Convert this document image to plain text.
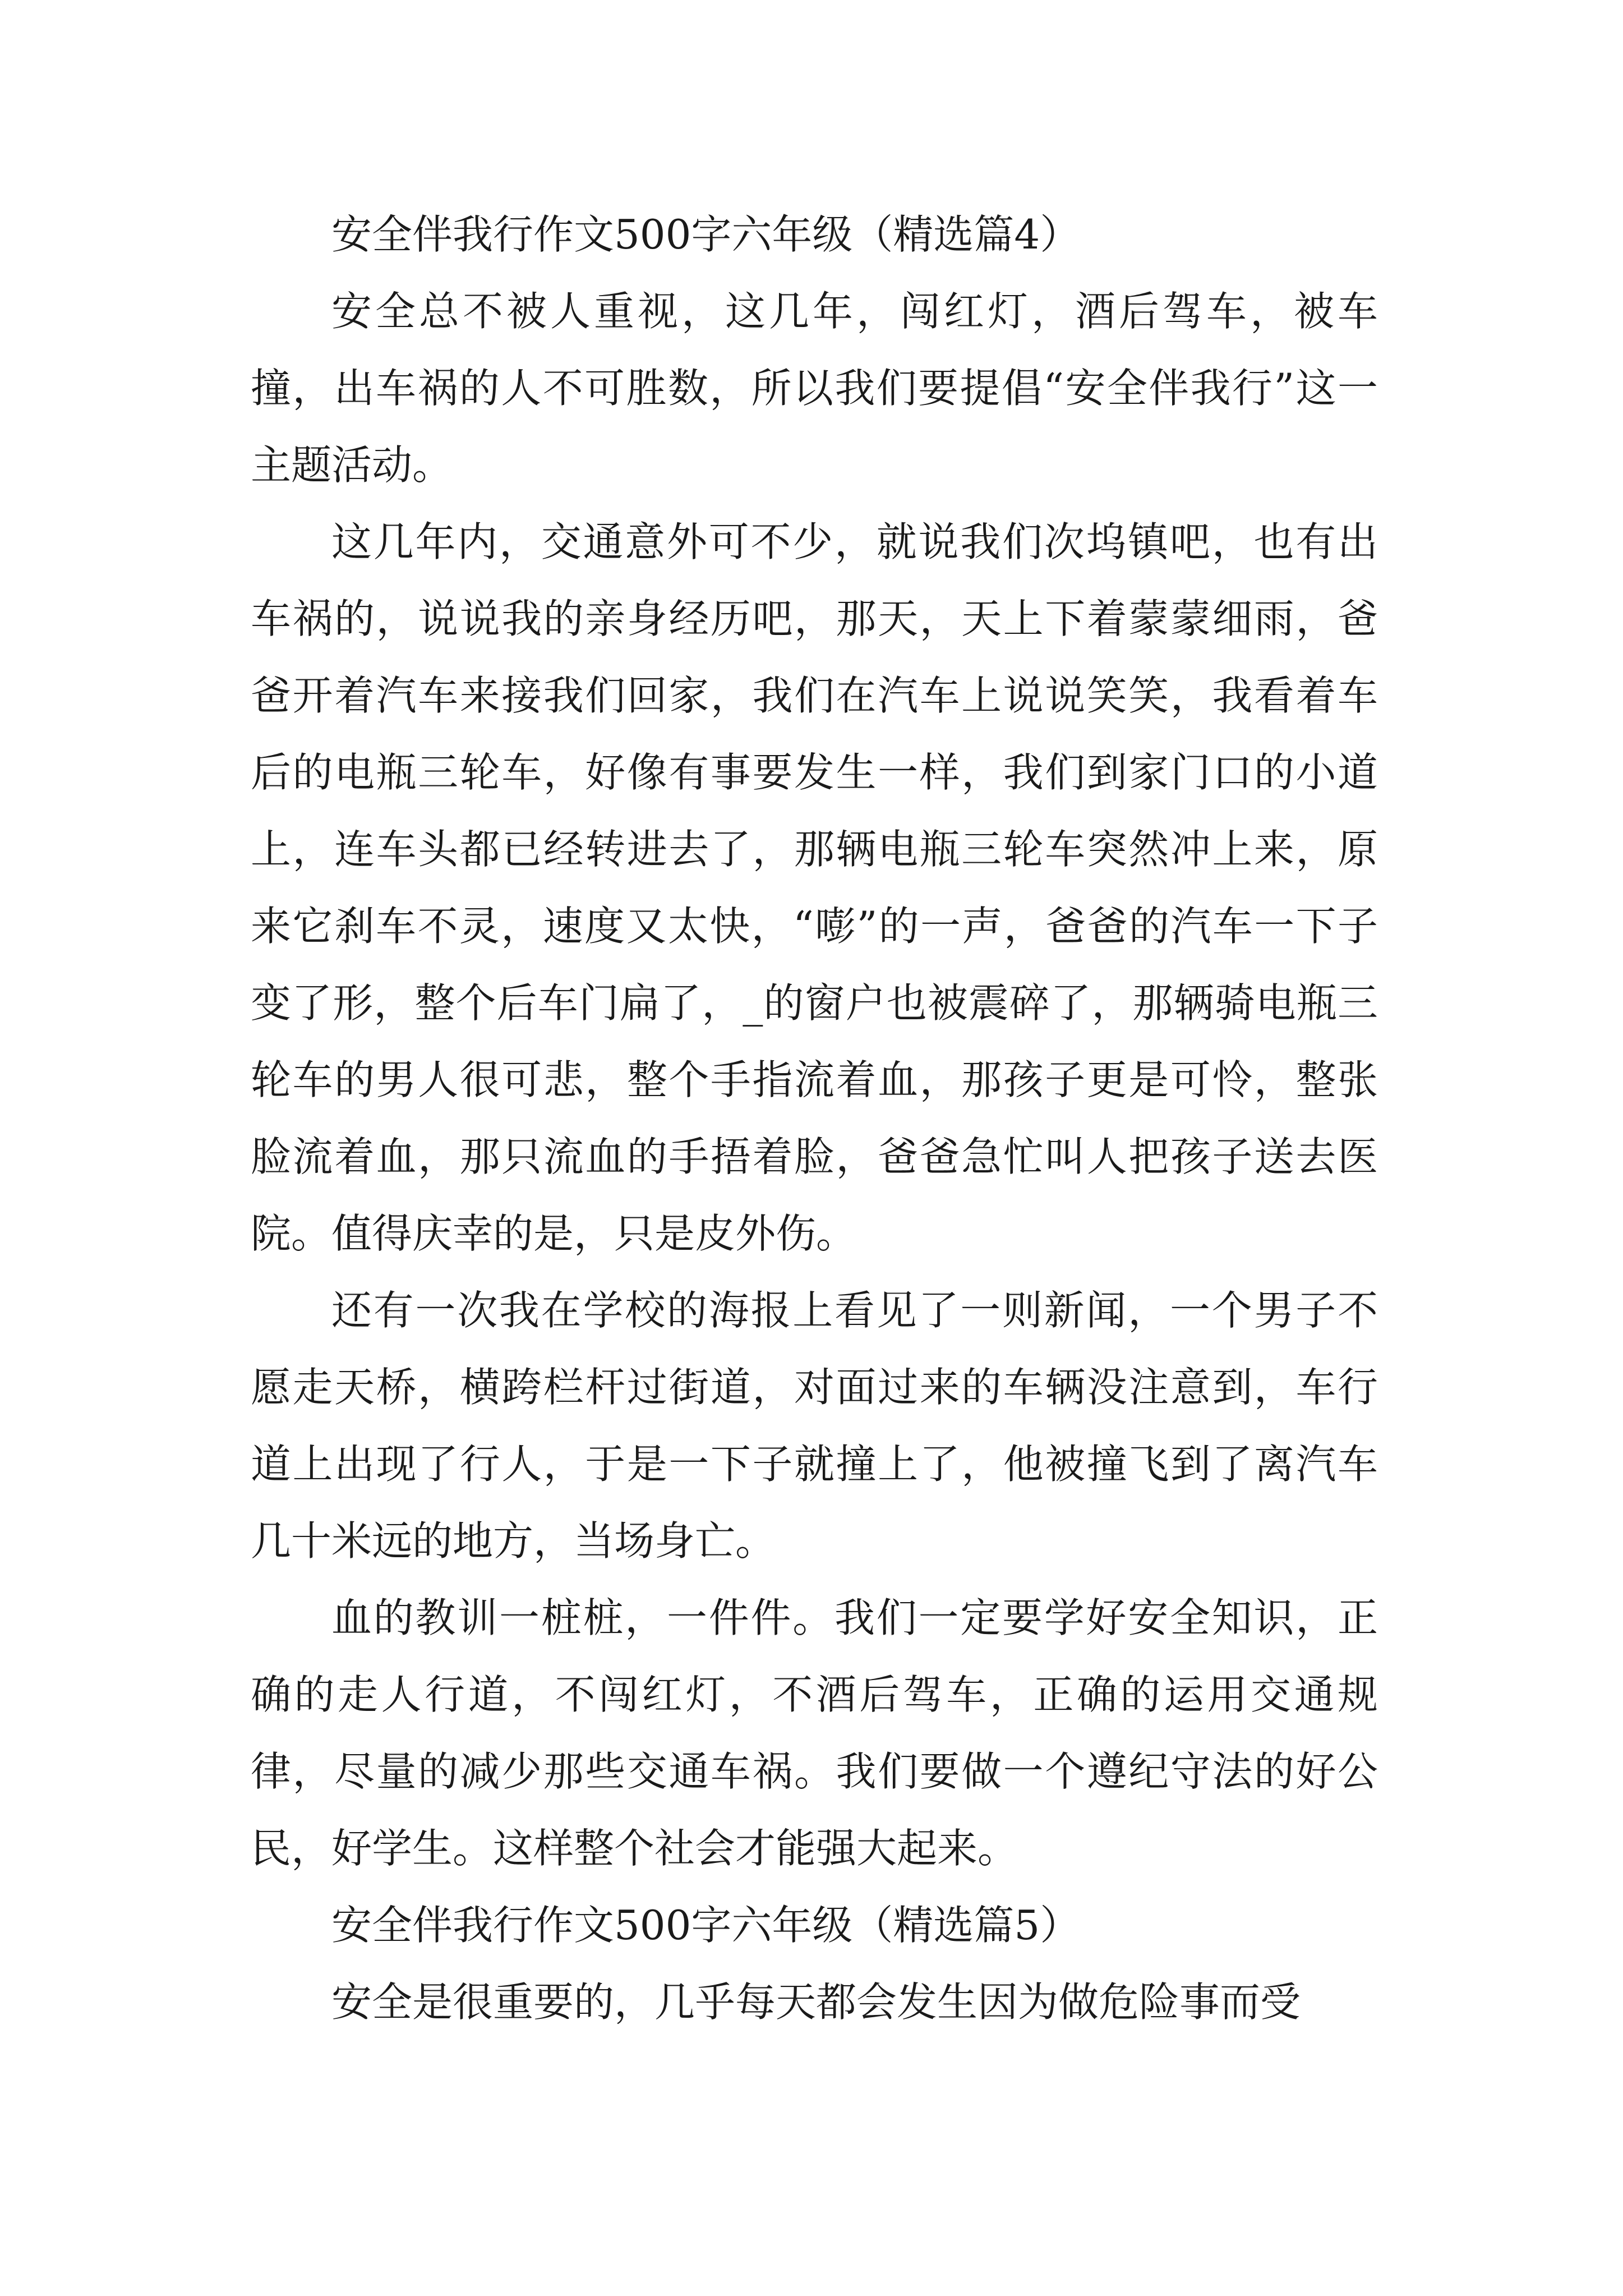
安全伴我行作文500字六年级（精选篇4）

安全总不被人重视，这几年，闯红灯，酒后驾车，被车撞，出车祸的人不可胜数，所以我们要提倡“安全伴我行”这一主题活动。

这几年内，交通意外可不少，就说我们次坞镇吧，也有出车祸的，说说我的亲身经历吧，那天，天上下着蒙蒙细雨，爸爸开着汽车来接我们回家，我们在汽车上说说笑笑，我看着车后的电瓶三轮车，好像有事要发生一样，我们到家门口的小道上，连车头都已经转进去了，那辆电瓶三轮车突然冲上来，原来它刹车不灵，速度又太快，“嘭”的一声，爸爸的汽车一下子变了形，整个后车门扁了，_的窗户也被震碎了，那辆骑电瓶三轮车的男人很可悲，整个手指流着血，那孩子更是可怜，整张脸流着血，那只流血的手捂着脸，爸爸急忙叫人把孩子送去医院。值得庆幸的是，只是皮外伤。

还有一次我在学校的海报上看见了一则新闻，一个男子不愿走天桥，横跨栏杆过街道，对面过来的车辆没注意到，车行道上出现了行人，于是一下子就撞上了，他被撞飞到了离汽车几十米远的地方，当场身亡。

血的教训一桩桩，一件件。我们一定要学好安全知识，正确的走人行道，不闯红灯，不酒后驾车，正确的运用交通规律，尽量的减少那些交通车祸。我们要做一个遵纪守法的好公民，好学生。这样整个社会才能强大起来。

安全伴我行作文500字六年级（精选篇5）

安全是很重要的，几乎每天都会发生因为做危险事而受
